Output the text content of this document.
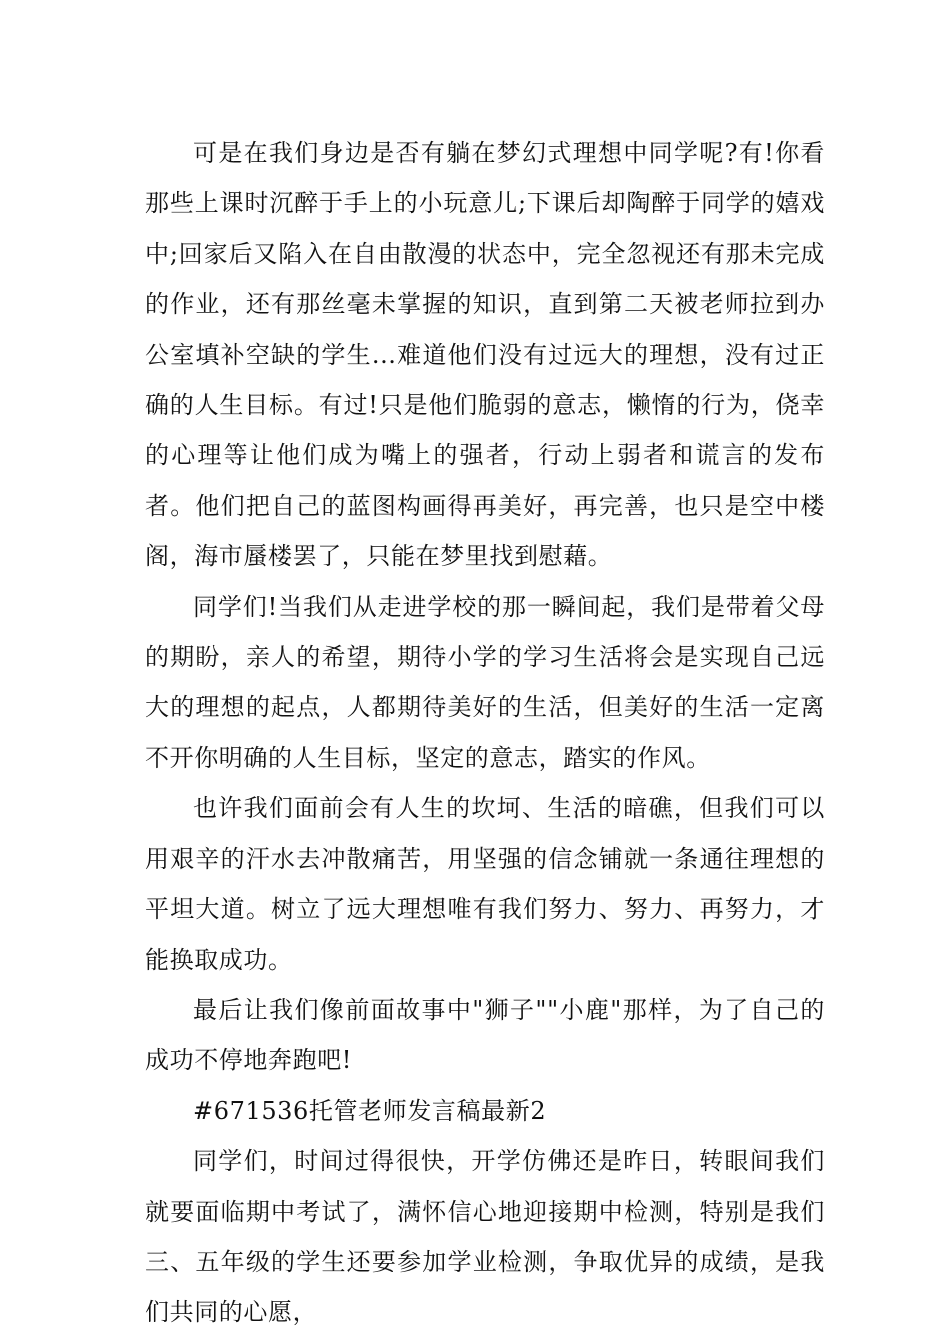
可是在我们身边是否有躺在梦幻式理想中同学呢?有!你看那些上课时沉醉于手上的小玩意儿;下课后却陶醉于同学的嬉戏中;回家后又陷入在自由散漫的状态中，完全忽视还有那未完成的作业，还有那丝毫未掌握的知识，直到第二天被老师拉到办公室填补空缺的学生...难道他们没有过远大的理想，没有过正确的人生目标。有过!只是他们脆弱的意志，懒惰的行为，侥幸的心理等让他们成为嘴上的强者，行动上弱者和谎言的发布者。他们把自己的蓝图构画得再美好，再完善，也只是空中楼阁，海市蜃楼罢了，只能在梦里找到慰藉。

同学们!当我们从走进学校的那一瞬间起，我们是带着父母的期盼，亲人的希望，期待小学的学习生活将会是实现自己远大的理想的起点，人都期待美好的生活，但美好的生活一定离不开你明确的人生目标，坚定的意志，踏实的作风。

也许我们面前会有人生的坎坷、生活的暗礁，但我们可以用艰辛的汗水去冲散痛苦，用坚强的信念铺就一条通往理想的平坦大道。树立了远大理想唯有我们努力、努力、再努力，才能换取成功。

最后让我们像前面故事中"狮子""小鹿"那样，为了自己的成功不停地奔跑吧!

#671536托管老师发言稿最新2

同学们，时间过得很快，开学仿佛还是昨日，转眼间我们就要面临期中考试了，满怀信心地迎接期中检测，特别是我们三、五年级的学生还要参加学业检测，争取优异的成绩，是我们共同的心愿，
